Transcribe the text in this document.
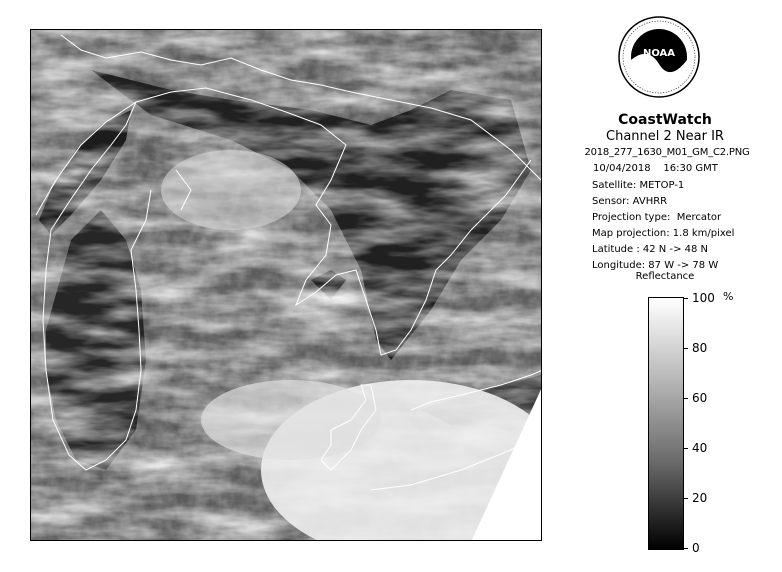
NOAA
CoastWatch
Channel 2 Near IR
2018_277_1630_M01_GM_C2.PNG
10/04/2018 16:30 GMT
Satellite: METOP-1
Sensor: AVHRR
Projection type: Mercator
Map projection: 1.8 km/pixel
Latitude : 42 N -> 48 N
Longitude: 87 W -> 78 W
Reflectance
%
100
80
60
40
20
0
